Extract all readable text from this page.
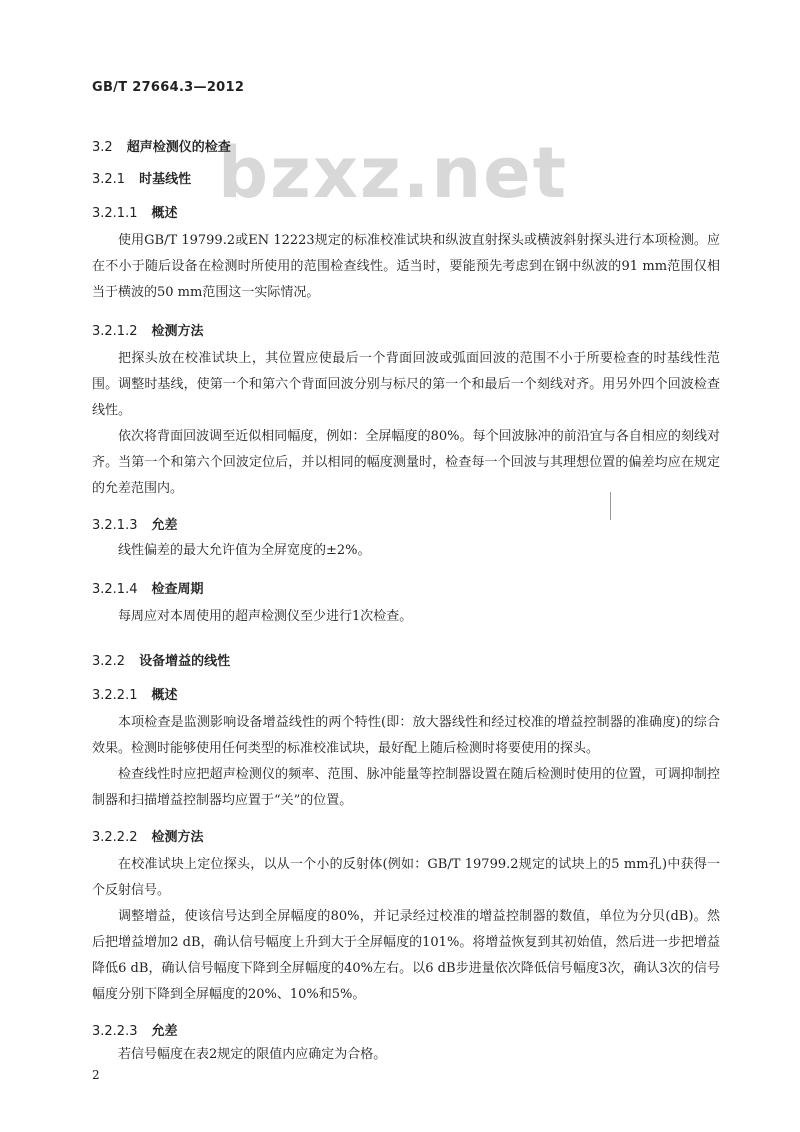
GB/T 27664.3—2012
bzxz.net
3.2 超声检测仪的检查
3.2.1 时基线性
3.2.1.1 概述

使用GB/T 19799.2或EN 12223规定的标准校准试块和纵波直射探头或横波斜射探头进行本项检测。应在不小于随后设备在检测时所使用的范围检查线性。适当时，要能预先考虑到在钢中纵波的91 mm范围仅相当于横波的50 mm范围这一实际情况。

3.2.1.2 检测方法

把探头放在校准试块上，其位置应使最后一个背面回波或弧面回波的范围不小于所要检查的时基线性范围。调整时基线，使第一个和第六个背面回波分别与标尺的第一个和最后一个刻线对齐。用另外四个回波检查线性。

依次将背面回波调至近似相同幅度，例如：全屏幅度的80%。每个回波脉冲的前沿宜与各自相应的刻线对齐。当第一个和第六个回波定位后，并以相同的幅度测量时，检查每一个回波与其理想位置的偏差均应在规定的允差范围内。

3.2.1.3 允差

线性偏差的最大允许值为全屏宽度的±2%。

3.2.1.4 检查周期

每周应对本周使用的超声检测仪至少进行1次检查。

3.2.2 设备增益的线性
3.2.2.1 概述

本项检查是监测影响设备增益线性的两个特性(即：放大器线性和经过校准的增益控制器的准确度)的综合效果。检测时能够使用任何类型的标准校准试块，最好配上随后检测时将要使用的探头。

检查线性时应把超声检测仪的频率、范围、脉冲能量等控制器设置在随后检测时使用的位置，可调抑制控制器和扫描增益控制器均应置于“关”的位置。

3.2.2.2 检测方法

在校准试块上定位探头，以从一个小的反射体(例如：GB/T 19799.2规定的试块上的5 mm孔)中获得一个反射信号。

调整增益，使该信号达到全屏幅度的80%，并记录经过校准的增益控制器的数值，单位为分贝(dB)。然后把增益增加2 dB，确认信号幅度上升到大于全屏幅度的101%。将增益恢复到其初始值，然后进一步把增益降低6 dB，确认信号幅度下降到全屏幅度的40%左右。以6 dB步进量依次降低信号幅度3次，确认3次的信号幅度分别下降到全屏幅度的20%、10%和5%。

3.2.2.3 允差

若信号幅度在表2规定的限值内应确定为合格。

2
